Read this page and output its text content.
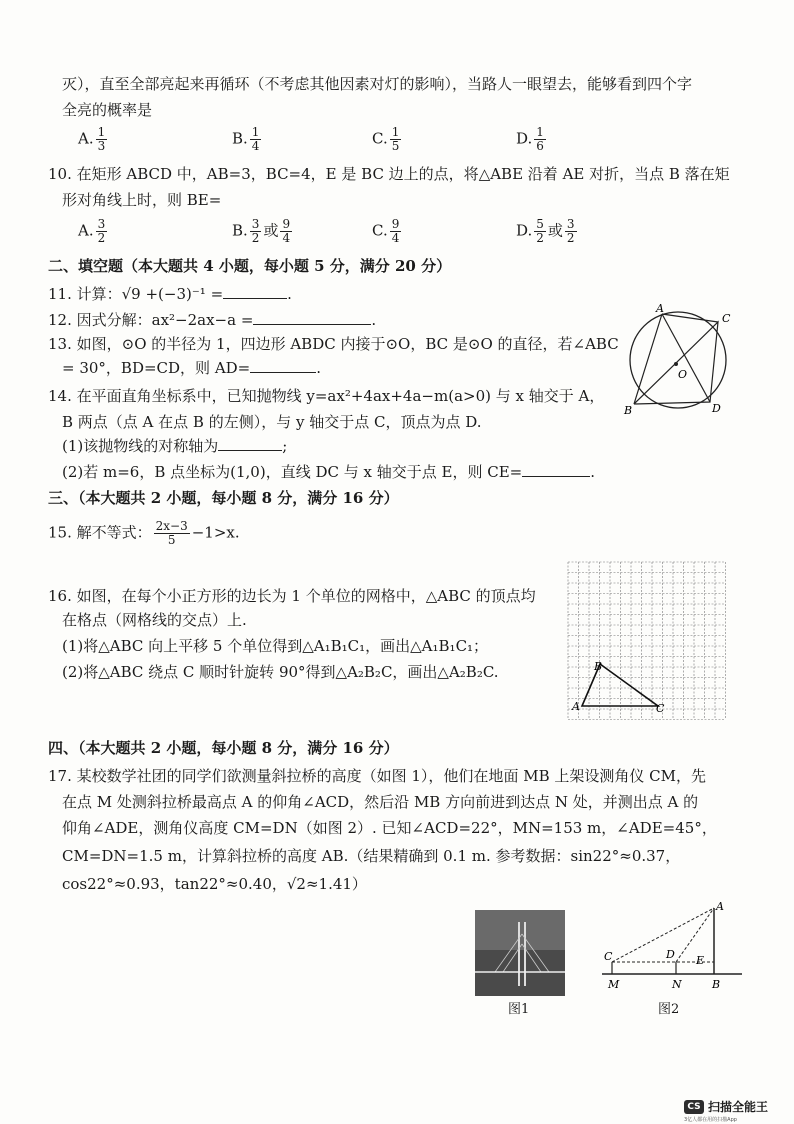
灭），直至全部亮起来再循环（不考虑其他因素对灯的影响），当路人一眼望去，能够看到四个字
全亮的概率是
A. $\frac{1}{3}$	B. $\frac{1}{4}$	C. $\frac{1}{5}$	D. $\frac{1}{6}$
10. 在矩形 ABCD 中，AB=3，BC=4，E 是 BC 边上的点，将△ABE 沿着 AE 对折，当点 B 落在矩
形对角线上时，则 BE=
A. $\frac{3}{2}$	B. $\frac{3}{2}$ 或 $\frac{9}{4}$	C. $\frac{9}{4}$	D. $\frac{5}{2}$ 或 $\frac{3}{2}$
二、填空题（本大题共 4 小题，每小题 5 分，满分 20 分）
11. 计算：√9 +(−3)⁻¹ =	.
12. 因式分解：ax²−2ax−a =	.
13. 如图，⊙O 的半径为 1，四边形 ABDC 内接于⊙O，BC 是⊙O 的直径，若∠ABC
= 30°，BD=CD，则 AD=	.
A
C
O
B	D
14. 在平面直角坐标系中，已知抛物线 y=ax²+4ax+4a−m(a>0) 与 x 轴交于 A，
B 两点（点 A 在点 B 的左侧），与 y 轴交于点 C，顶点为点 D.
(1)该抛物线的对称轴为	;
(2)若 m=6，B 点坐标为(1,0)，直线 DC 与 x 轴交于点 E，则 CE=	.
三、（本大题共 2 小题，每小题 8 分，满分 16 分）
15. 解不等式： $\frac{2x-3}{5} -1>x$.
16. 如图，在每个小正方形的边长为 1 个单位的网格中，△ABC 的顶点均
在格点（网格线的交点）上.
(1)将△ABC 向上平移 5 个单位得到△A₁B₁C₁，画出△A₁B₁C₁；
(2)将△ABC 绕点 C 顺时针旋转 90°得到△A₂B₂C，画出△A₂B₂C.	B
A	C
四、（本大题共 2 小题，每小题 8 分，满分 16 分）
17. 某校数学社团的同学们欲测量斜拉桥的高度（如图 1），他们在地面 MB 上架设测角仪 CM，先
在点 M 处测斜拉桥最高点 A 的仰角∠ACD，然后沿 MB 方向前进到达点 N 处，并测出点 A 的
仰角∠ADE，测角仪高度 CM=DN（如图 2）. 已知∠ACD=22°，MN=153 m，∠ADE=45°，
CM=DN=1.5 m，计算斜拉桥的高度 AB.（结果精确到 0.1 m. 参考数据：sin22°≈0.37，
cos22°≈0.93，tan22°≈0.40，√2≈1.41）
图1
A
C	D E
M	N	B
图2
CS 扫描全能王
3亿人都在用的扫描App
